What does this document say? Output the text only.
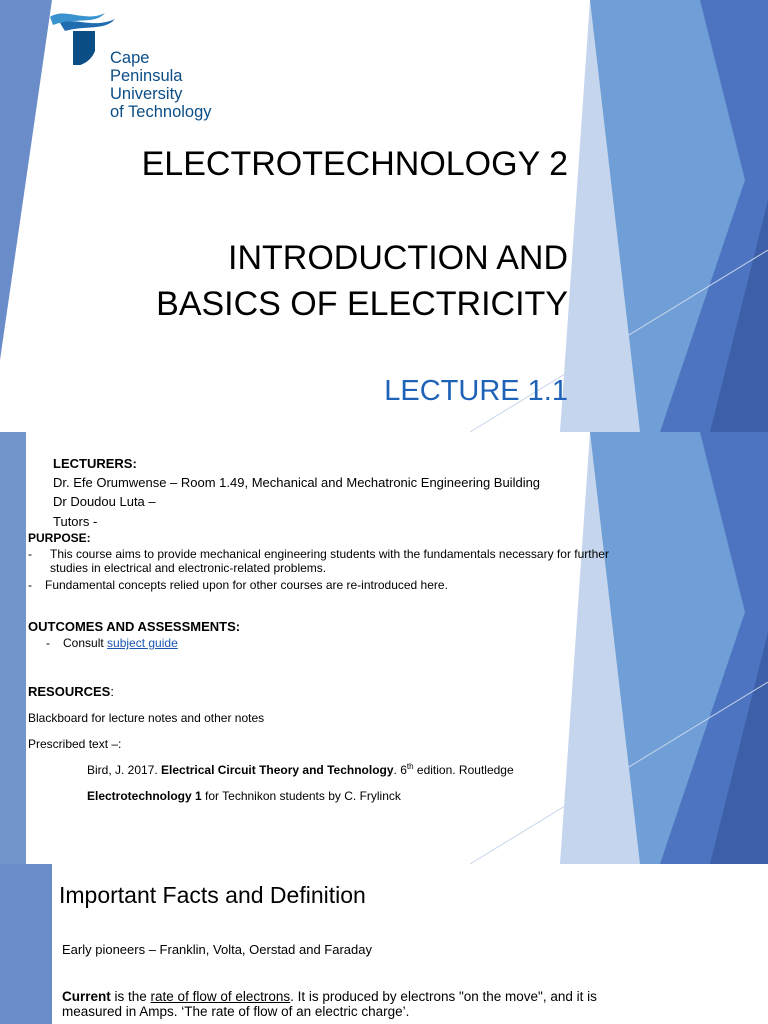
Cape
Peninsula
University
of Technology
ELECTROTECHNOLOGY 2
INTRODUCTION AND
BASICS OF ELECTRICITY
LECTURE 1.1
LECTURERS:
Dr. Efe Orumwense – Room 1.49, Mechanical and Mechatronic Engineering Building
Dr Doudou Luta –
Tutors -
PURPOSE:
- This course aims to provide mechanical engineering students with the fundamentals necessary for further
studies in electrical and electronic-related problems.
- Fundamental concepts relied upon for other courses are re-introduced here.
OUTCOMES AND ASSESSMENTS:
- Consult subject guide
RESOURCES:
Blackboard for lecture notes and other notes
Prescribed text –:
Bird, J. 2017. Electrical Circuit Theory and Technology. 6th edition. Routledge
Electrotechnology 1 for Technikon students by C. Frylinck
Important Facts and Definition
Early pioneers – Franklin, Volta, Oerstad and Faraday
Current is the rate of flow of electrons. It is produced by electrons "on the move", and it is
measured in Amps. ‘The rate of flow of an electric charge’.
